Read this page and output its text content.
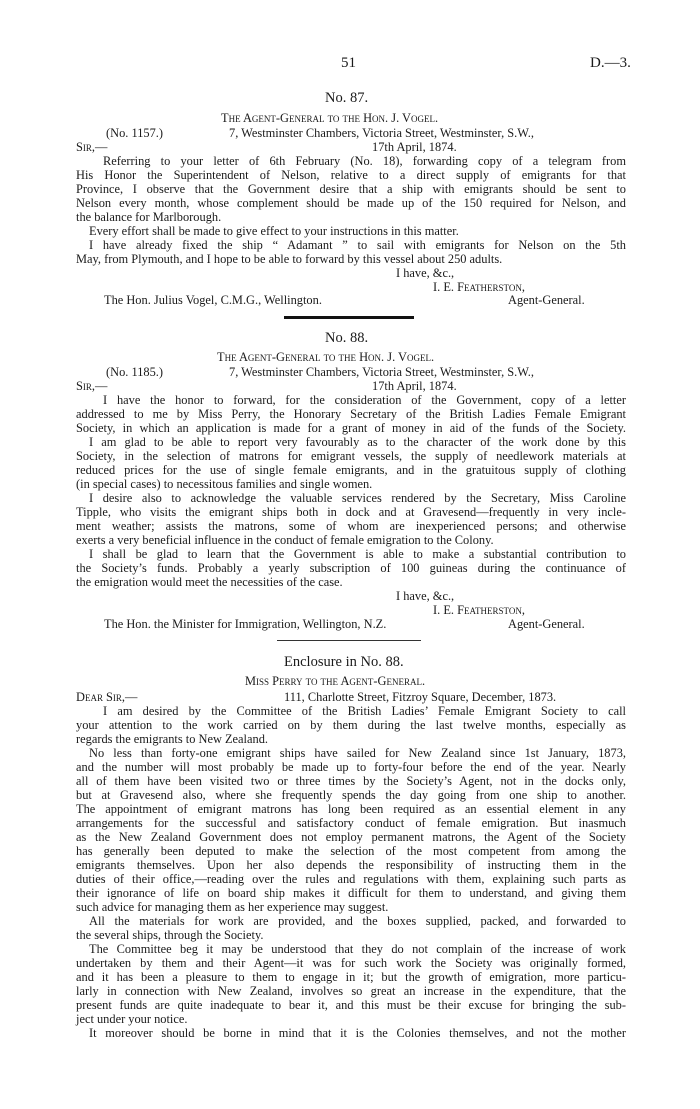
51	D.—3.
No. 87.
The Agent-General to the Hon. J. Vogel.
(No. 1157.)	7, Westminster Chambers, Victoria Street, Westminster, S.W.,
Sir,—	17th April, 1874.
Referring to your letter of 6th February (No. 18), forwarding copy of a telegram from
His Honor the Superintendent of Nelson, relative to a direct supply of emigrants for that
Province, I observe that the Government desire that a ship with emigrants should be sent to
Nelson every month, whose complement should be made up of the 150 required for Nelson, and
the balance for Marlborough.
Every effort shall be made to give effect to your instructions in this matter.
I have already fixed the ship “ Adamant ” to sail with emigrants for Nelson on the 5th
May, from Plymouth, and I hope to be able to forward by this vessel about 250 adults.
I have, &c.,
I. E. Featherston,
The Hon. Julius Vogel, C.M.G., Wellington.	Agent-General.
No. 88.
The Agent-General to the Hon. J. Vogel.
(No. 1185.)	7, Westminster Chambers, Victoria Street, Westminster, S.W.,
Sir,—	17th April, 1874.
I have the honor to forward, for the consideration of the Government, copy of a letter
addressed to me by Miss Perry, the Honorary Secretary of the British Ladies Female Emigrant
Society, in which an application is made for a grant of money in aid of the funds of the Society.
I am glad to be able to report very favourably as to the character of the work done by this
Society, in the selection of matrons for emigrant vessels, the supply of needlework materials at
reduced prices for the use of single female emigrants, and in the gratuitous supply of clothing
(in special cases) to necessitous families and single women.
I desire also to acknowledge the valuable services rendered by the Secretary, Miss Caroline
Tipple, who visits the emigrant ships both in dock and at Gravesend—frequently in very incle-
ment weather; assists the matrons, some of whom are inexperienced persons; and otherwise
exerts a very beneficial influence in the conduct of female emigration to the Colony.
I shall be glad to learn that the Government is able to make a substantial contribution to
the Society’s funds. Probably a yearly subscription of 100 guineas during the continuance of
the emigration would meet the necessities of the case.
I have, &c.,
I. E. Featherston,
The Hon. the Minister for Immigration, Wellington, N.Z.	Agent-General.
Enclosure in No. 88.
Miss Perry to the Agent-General.
Dear Sir,—	111, Charlotte Street, Fitzroy Square, December, 1873.
I am desired by the Committee of the British Ladies’ Female Emigrant Society to call
your attention to the work carried on by them during the last twelve months, especially as
regards the emigrants to New Zealand.
No less than forty-one emigrant ships have sailed for New Zealand since 1st January, 1873,
and the number will most probably be made up to forty-four before the end of the year. Nearly
all of them have been visited two or three times by the Society’s Agent, not in the docks only,
but at Gravesend also, where she frequently spends the day going from one ship to another.
The appointment of emigrant matrons has long been required as an essential element in any
arrangements for the successful and satisfactory conduct of female emigration. But inasmuch
as the New Zealand Government does not employ permanent matrons, the Agent of the Society
has generally been deputed to make the selection of the most competent from among the
emigrants themselves. Upon her also depends the responsibility of instructing them in the
duties of their office,—reading over the rules and regulations with them, explaining such parts as
their ignorance of life on board ship makes it difficult for them to understand, and giving them
such advice for managing them as her experience may suggest.
All the materials for work are provided, and the boxes supplied, packed, and forwarded to
the several ships, through the Society.
The Committee beg it may be understood that they do not complain of the increase of work
undertaken by them and their Agent—it was for such work the Society was originally formed,
and it has been a pleasure to them to engage in it; but the growth of emigration, more particu-
larly in connection with New Zealand, involves so great an increase in the expenditure, that the
present funds are quite inadequate to bear it, and this must be their excuse for bringing the sub-
ject under your notice.
It moreover should be borne in mind that it is the Colonies themselves, and not the mother
